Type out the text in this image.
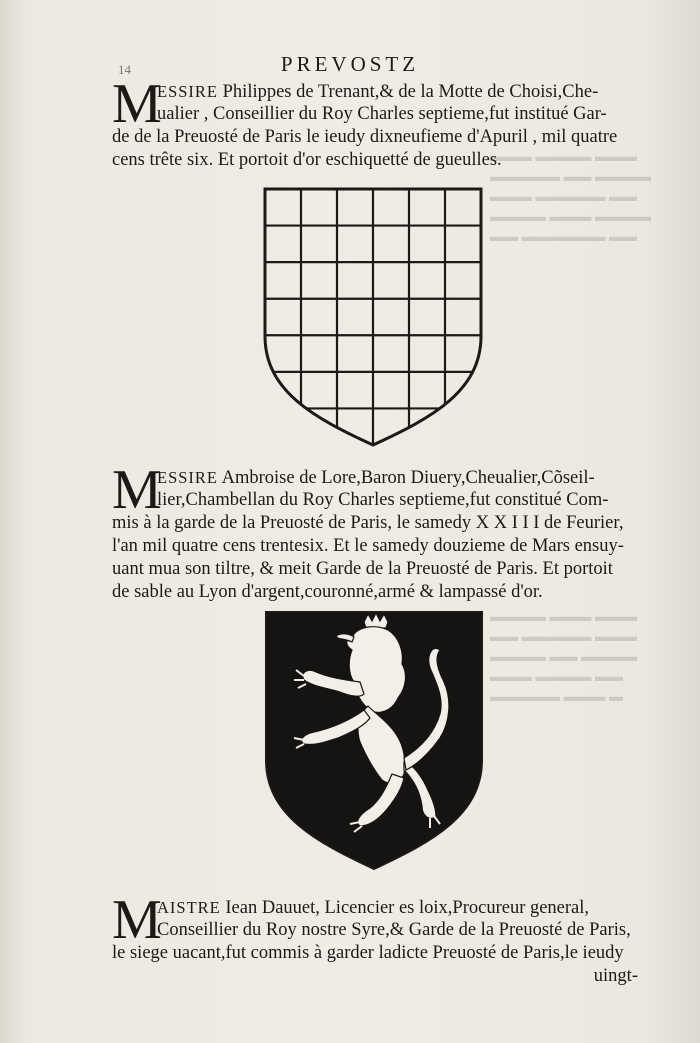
14	PREVOSTZ
▬▬▬ ▬▬▬▬ ▬▬▬
▬▬▬▬▬ ▬▬ ▬▬▬▬
▬▬▬ ▬▬▬▬▬ ▬▬
▬▬▬▬ ▬▬▬ ▬▬▬▬
▬▬ ▬▬▬▬▬▬ ▬▬
▬▬▬▬ ▬▬▬ ▬▬▬
▬▬ ▬▬▬▬▬ ▬▬▬
▬▬▬▬ ▬▬ ▬▬▬▬
▬▬▬ ▬▬▬▬ ▬▬
▬▬▬▬▬ ▬▬▬ ▬
M
ESSIRE Philippes de Trenant,& de la Motte de Choisi,Che-
ualier , Conseillier du Roy Charles septieme,fut institué Gar-
de de la Preuosté de Paris le ieudy dixneufieme d'Apuril , mil quatre
cens trête six. Et portoit d'or eschiquetté de gueulles.
M
ESSIRE Ambroise de Lore,Baron Diuery,Cheualier,Cõseil-
lier,Chambellan du Roy Charles septieme,fut constitué Com-
mis à la garde de la Preuosté de Paris, le samedy X X I I I de Feurier,
l'an mil quatre cens trentesix. Et le samedy douzieme de Mars ensuy-
uant mua son tiltre, & meit Garde de la Preuosté de Paris. Et portoit
de sable au Lyon d'argent,couronné,armé & lampassé d'or.
M
AISTRE Iean Dauuet, Licencier es loix,Procureur general,
Conseillier du Roy nostre Syre,& Garde de la Preuosté de Paris,
le siege uacant,fut commis à garder ladicte Preuosté de Paris,le ieudy
uingt-
